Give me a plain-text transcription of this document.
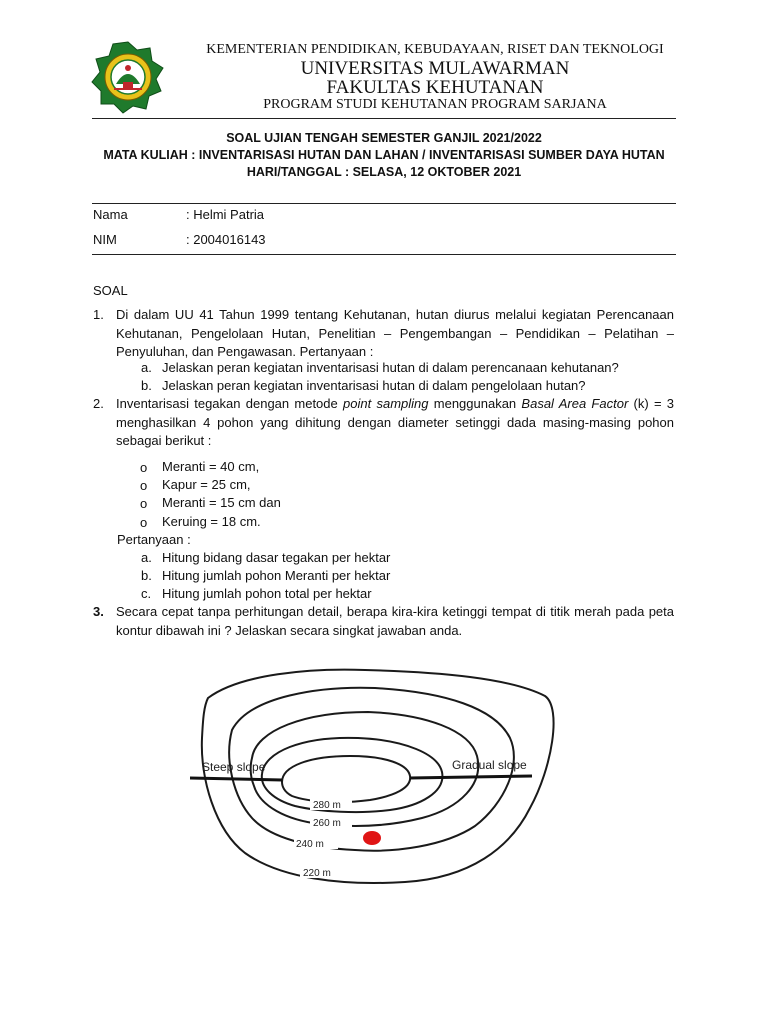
KEMENTERIAN PENDIDIKAN, KEBUDAYAAN, RISET DAN TEKNOLOGI
UNIVERSITAS MULAWARMAN
FAKULTAS KEHUTANAN
PROGRAM STUDI KEHUTANAN PROGRAM SARJANA
SOAL UJIAN TENGAH SEMESTER GANJIL 2021/2022
MATA KULIAH : INVENTARISASI HUTAN DAN LAHAN / INVENTARISASI SUMBER DAYA HUTAN
HARI/TANGGAL : SELASA, 12 OKTOBER 2021
Nama	: Helmi Patria
NIM	: 2004016143
SOAL
1. Di dalam UU 41 Tahun 1999 tentang Kehutanan, hutan diurus melalui kegiatan Perencanaan Kehutanan, Pengelolaan Hutan, Penelitian – Pengembangan – Pendidikan – Pelatihan – Penyuluhan, dan Pengawasan. Pertanyaan :
a. Jelaskan peran kegiatan inventarisasi hutan di dalam perencanaan kehutanan?
b. Jelaskan peran kegiatan inventarisasi hutan di dalam pengelolaan hutan?
2. Inventarisasi tegakan dengan metode point sampling menggunakan Basal Area Factor (k) = 3 menghasilkan 4 pohon yang dihitung dengan diameter setinggi dada masing-masing pohon sebagai berikut :
o Meranti = 40 cm,
o Kapur = 25 cm,
o Meranti = 15 cm dan
o Keruing = 18 cm.
Pertanyaan :
a. Hitung bidang dasar tegakan per hektar
b. Hitung jumlah pohon Meranti per hektar
c. Hitung jumlah pohon total per hektar
3. Secara cepat tanpa perhitungan detail, berapa kira-kira ketinggi tempat di titik merah pada peta kontur dibawah ini ? Jelaskan secara singkat jawaban anda.
Steep slope	Gradual slope
280 m
260 m
240 m
220 m
